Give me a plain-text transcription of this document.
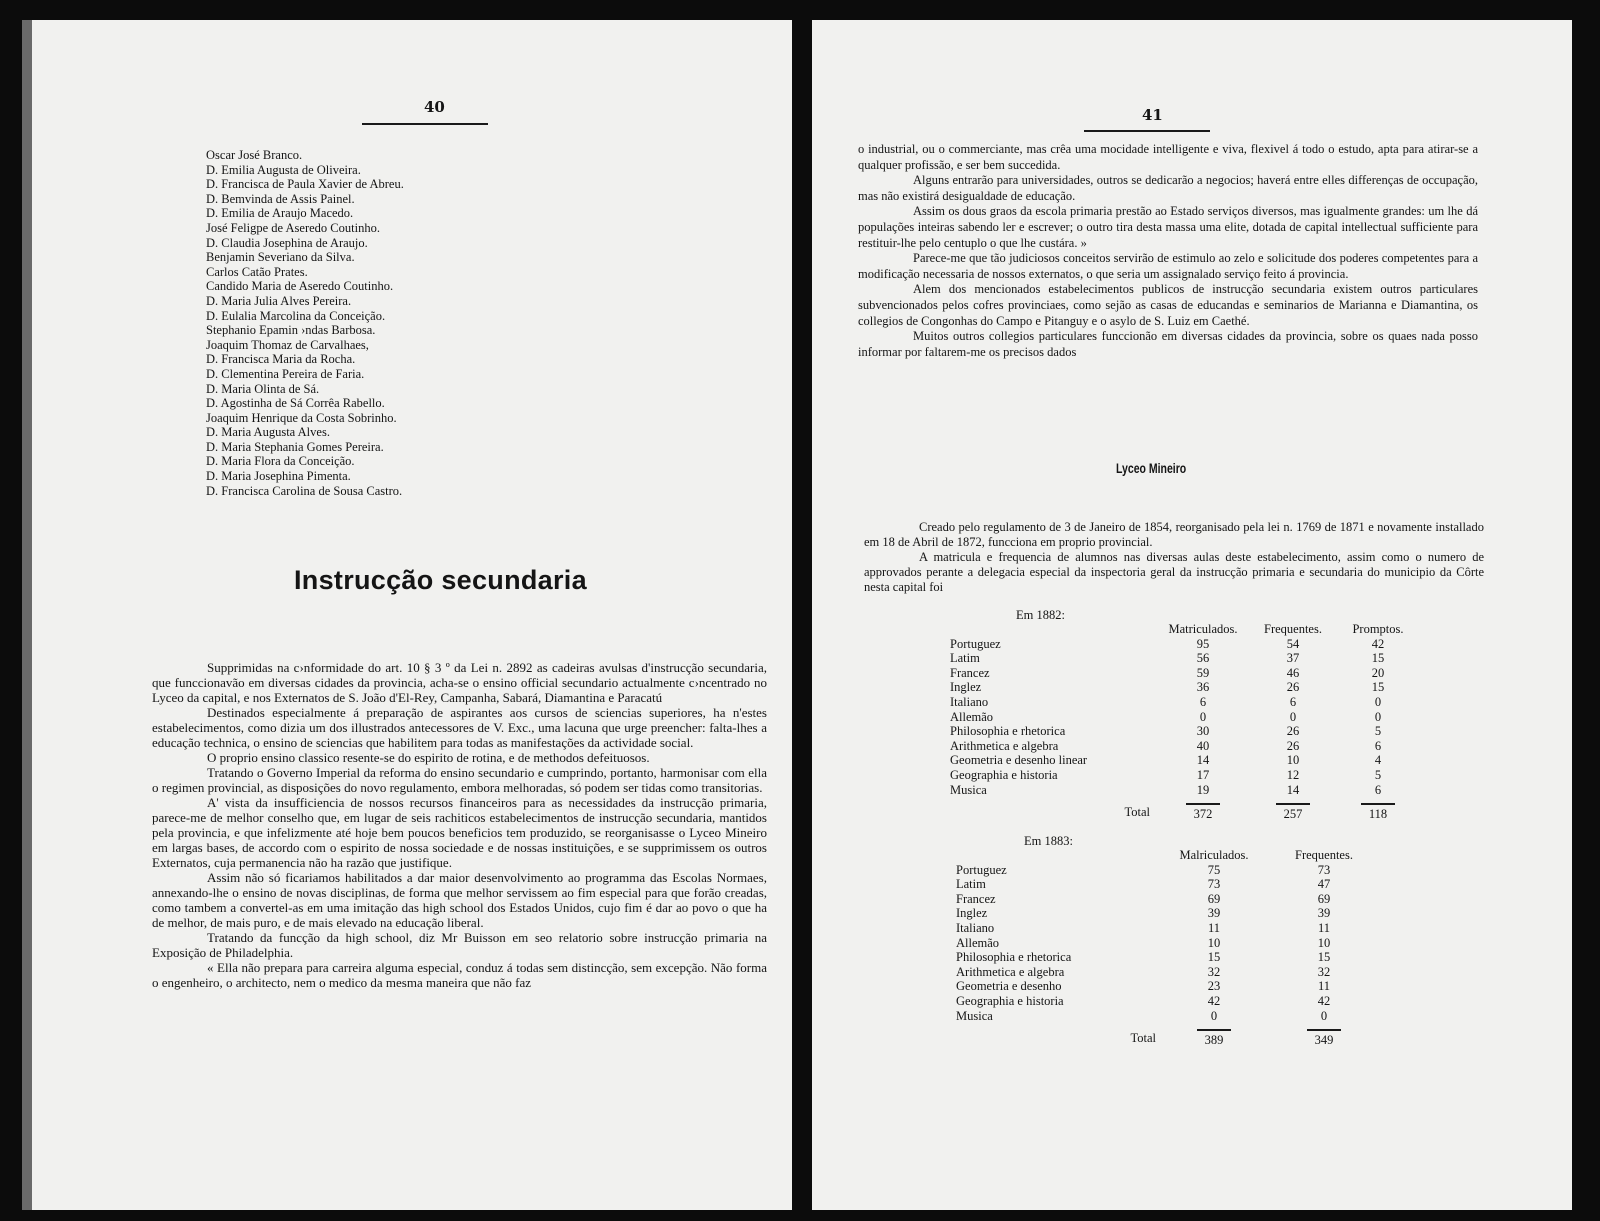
40
Oscar José Branco.
D. Emilia Augusta de Oliveira.
D. Francisca de Paula Xavier de Abreu.
D. Bemvinda de Assis Painel.
D. Emilia de Araujo Macedo.
José Feligpe de Aseredo Coutinho.
D. Claudia Josephina de Araujo.
Benjamin Severiano da Silva.
Carlos Catão Prates.
Candido Maria de Aseredo Coutinho.
D. Maria Julia Alves Pereira.
D. Eulalia Marcolina da Conceição.
Stephanio Epamin ›ndas Barbosa.
Joaquim Thomaz de Carvalhaes,
D. Francisca Maria da Rocha.
D. Clementina Pereira de Faria.
D. Maria Olinta de Sá.
D. Agostinha de Sá Corrêa Rabello.
Joaquim Henrique da Costa Sobrinho.
D. Maria Augusta Alves.
D. Maria Stephania Gomes Pereira.
D. Maria Flora da Conceição.
D. Maria Josephina Pimenta.
D. Francisca Carolina de Sousa Castro.
Instrucção secundaria

Supprimidas na c›nformidade do art. 10 § 3 º da Lei n. 2892 as cadeiras avulsas d'instrucção secundaria, que funccionavão em diversas cidades da provincia, acha-se o ensino official secundario actualmente c›ncentrado no Lyceo da capital, e nos Externatos de S. João d'El-Rey, Campanha, Sabará, Diamantina e Paracatú

Destinados especialmente á preparação de aspirantes aos cursos de sciencias superiores, ha n'estes estabelecimentos, como dizia um dos illustrados antecessores de V. Exc., uma lacuna que urge preencher: falta-lhes a educação technica, o ensino de sciencias que habilitem para todas as manifestações da actividade social.

O proprio ensino classico resente-se do espirito de rotina, e de methodos defeituosos.

Tratando o Governo Imperial da reforma do ensino secundario e cumprindo, portanto, harmonisar com ella o regimen provincial, as disposições do novo regulamento, embora melhoradas, só podem ser tidas como transitorias.

A' vista da insufficiencia de nossos recursos financeiros para as necessidades da instrucção primaria, parece-me de melhor conselho que, em lugar de seis rachiticos estabelecimentos de instrucção secundaria, mantidos pela provincia, e que infelizmente até hoje bem poucos beneficios tem produzido, se reorganisasse o Lyceo Mineiro em largas bases, de accordo com o espirito de nossa sociedade e de nossas instituições, e se supprimissem os outros Externatos, cuja permanencia não ha razão que justifique.

Assim não só ficariamos habilitados a dar maior desenvolvimento ao programma das Escolas Normaes, annexando-lhe o ensino de novas disciplinas, de forma que melhor servissem ao fim especial para que forão creadas, como tambem a convertel-as em uma imitação das high school dos Estados Unidos, cujo fim é dar ao povo o que ha de melhor, de mais puro, e de mais elevado na educação liberal.

Tratando da funcção da high school, diz Mr Buisson em seo relatorio sobre instrucção primaria na Exposição de Philadelphia.

« Ella não prepara para carreira alguma especial, conduz á todas sem distincção, sem excepção. Não forma o engenheiro, o architecto, nem o medico da mesma maneira que não faz

41

o industrial, ou o commerciante, mas crêa uma mocidade intelligente e viva, flexivel á todo o estudo, apta para atirar-se a qualquer profissão, e ser bem succedida.

Alguns entrarão para universidades, outros se dedicarão a negocios; haverá entre elles differenças de occupação, mas não existirá desigualdade de educação.

Assim os dous graos da escola primaria prestão ao Estado serviços diversos, mas igualmente grandes: um lhe dá populações inteiras sabendo ler e escrever; o outro tira desta massa uma elite, dotada de capital intellectual sufficiente para restituir-lhe pelo centuplo o que lhe custára. »

Parece-me que tão judiciosos conceitos servirão de estimulo ao zelo e solicitude dos poderes competentes para a modificação necessaria de nossos externatos, o que seria um assignalado serviço feito á provincia.

Alem dos mencionados estabelecimentos publicos de instrucção secundaria existem outros particulares subvencionados pelos cofres provinciaes, como sejão as casas de educandas e seminarios de Marianna e Diamantina, os collegios de Congonhas do Campo e Pitanguy e o asylo de S. Luiz em Caethé.

Muitos outros collegios particulares funccionão em diversas cidades da provincia, sobre os quaes nada posso informar por faltarem-me os precisos dados

Lyceo Mineiro

Creado pelo regulamento de 3 de Janeiro de 1854, reorganisado pela lei n. 1769 de 1871 e novamente installado em 18 de Abril de 1872, funcciona em proprio provincial.

A matricula e frequencia de alumnos nas diversas aulas deste estabelecimento, assim como o numero de approvados perante a delegacia especial da inspectoria geral da instrucção primaria e secundaria do municipio da Côrte nesta capital foi

Em 1882:
	Matriculados.	Frequentes.	Promptos.
Portuguez	95	54	42
Latim	56	37	15
Francez	59	46	20
Inglez	36	26	15
Italiano	6	6	0
Allemão	0	0	0
Philosophia e rhetorica	30	26	5
Arithmetica e algebra	40	26	6
Geometria e desenho linear	14	10	4
Geographia e historia	17	12	5
Musica	19	14	6
Total	372	257	118
Em 1883:
	Malriculados.	Frequentes.
Portuguez	75	73
Latim	73	47
Francez	69	69
Inglez	39	39
Italiano	11	11
Allemão	10	10
Philosophia e rhetorica	15	15
Arithmetica e algebra	32	32
Geometria e desenho	23	11
Geographia e historia	42	42
Musica	0	0
Total	389	349
